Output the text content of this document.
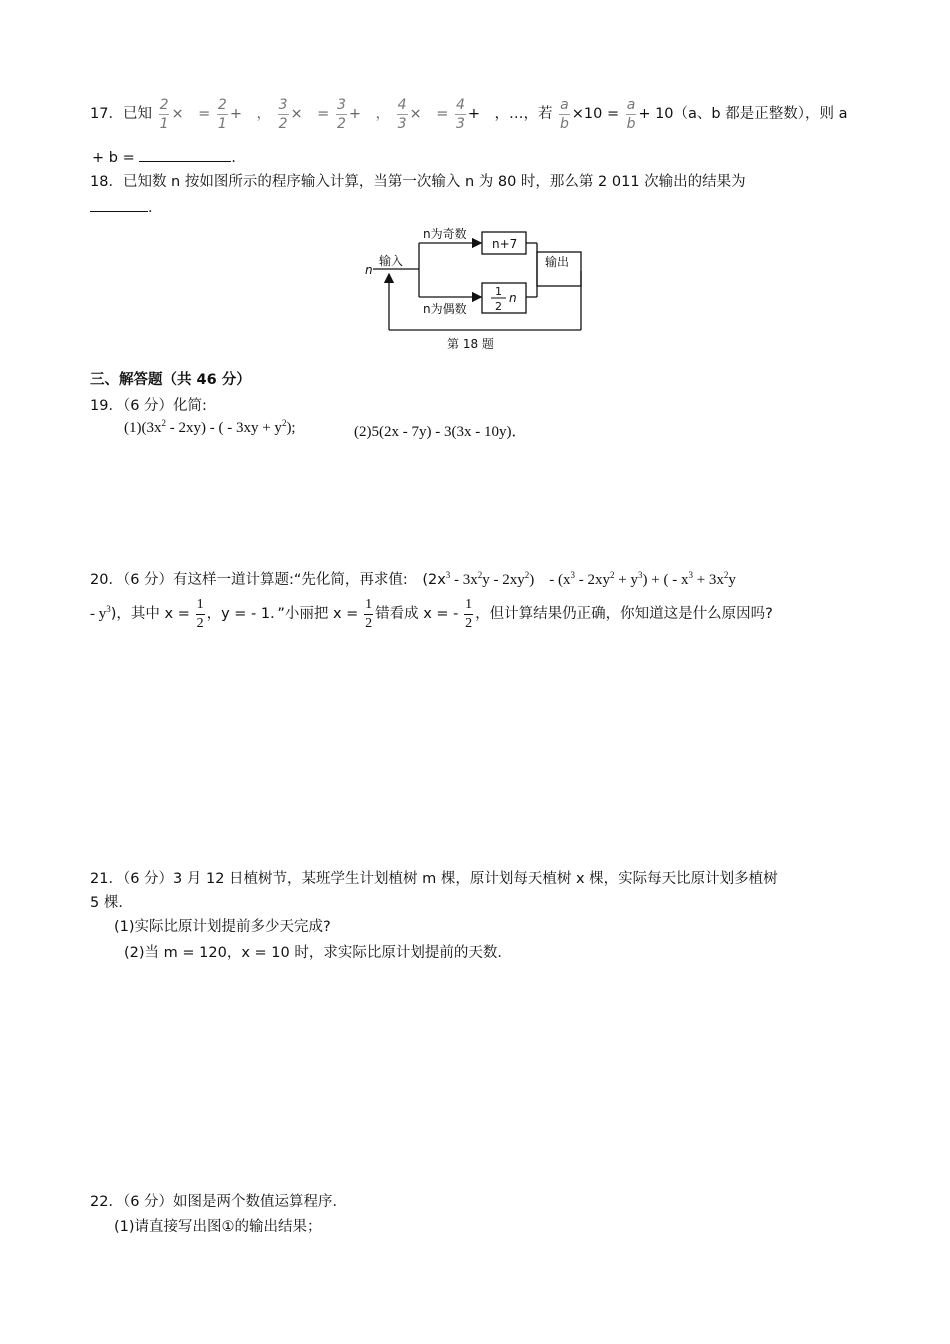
17．已知 $\frac{2}{1}$ ×　= $\frac{2}{1}$ +　， $\frac{3}{2}$ ×　= $\frac{3}{2}$ +　， $\frac{4}{3}$ ×　= $\frac{4}{3}$ +　，…，若 $\frac{a}{b} \times 10 = \frac{a}{b} + 10(a$、b 都是正整数），则 a
+ b =	．
18．已知数 n 按如图所示的程序输入计算，当第一次输入 n 为 80 时，那么第 2 011 次输出的结果为
．
n
输入
n为奇数
n为偶数
n+7
1
2
n
输出
第 18 题
三、解答题（共 46 分）
19．（6 分）化简:
$(1)(3x^2 - 2xy)$ - ( - $3xy + y^2$);	(2)5(2x - 7y) - 3(3x - 10y)．
20．（6 分）有这样一道计算题:“先化简，再求值:　$(2x^3 - 3x^2y - 2xy^2)$　- $(x^3 - 2xy^2 + y^3)$ + ( - $x^3 + 3x^2y$
- $y^3$)，其中 $x = \frac{1}{2}$ ，y = - 1．”小丽把 $x = \frac{1}{2}$ 错看成 x = - $\frac{1}{2}$ ，但计算结果仍正确，你知道这是什么原因吗?
21．（6 分）3 月 12 日植树节，某班学生计划植树 m 棵，原计划每天植树 x 棵，实际每天比原计划多植树
5 棵．
(1)实际比原计划提前多少天完成?
(2)当 m = 120，x = 10 时，求实际比原计划提前的天数．
22．（6 分）如图是两个数值运算程序．
(1)请直接写出图①的输出结果；
